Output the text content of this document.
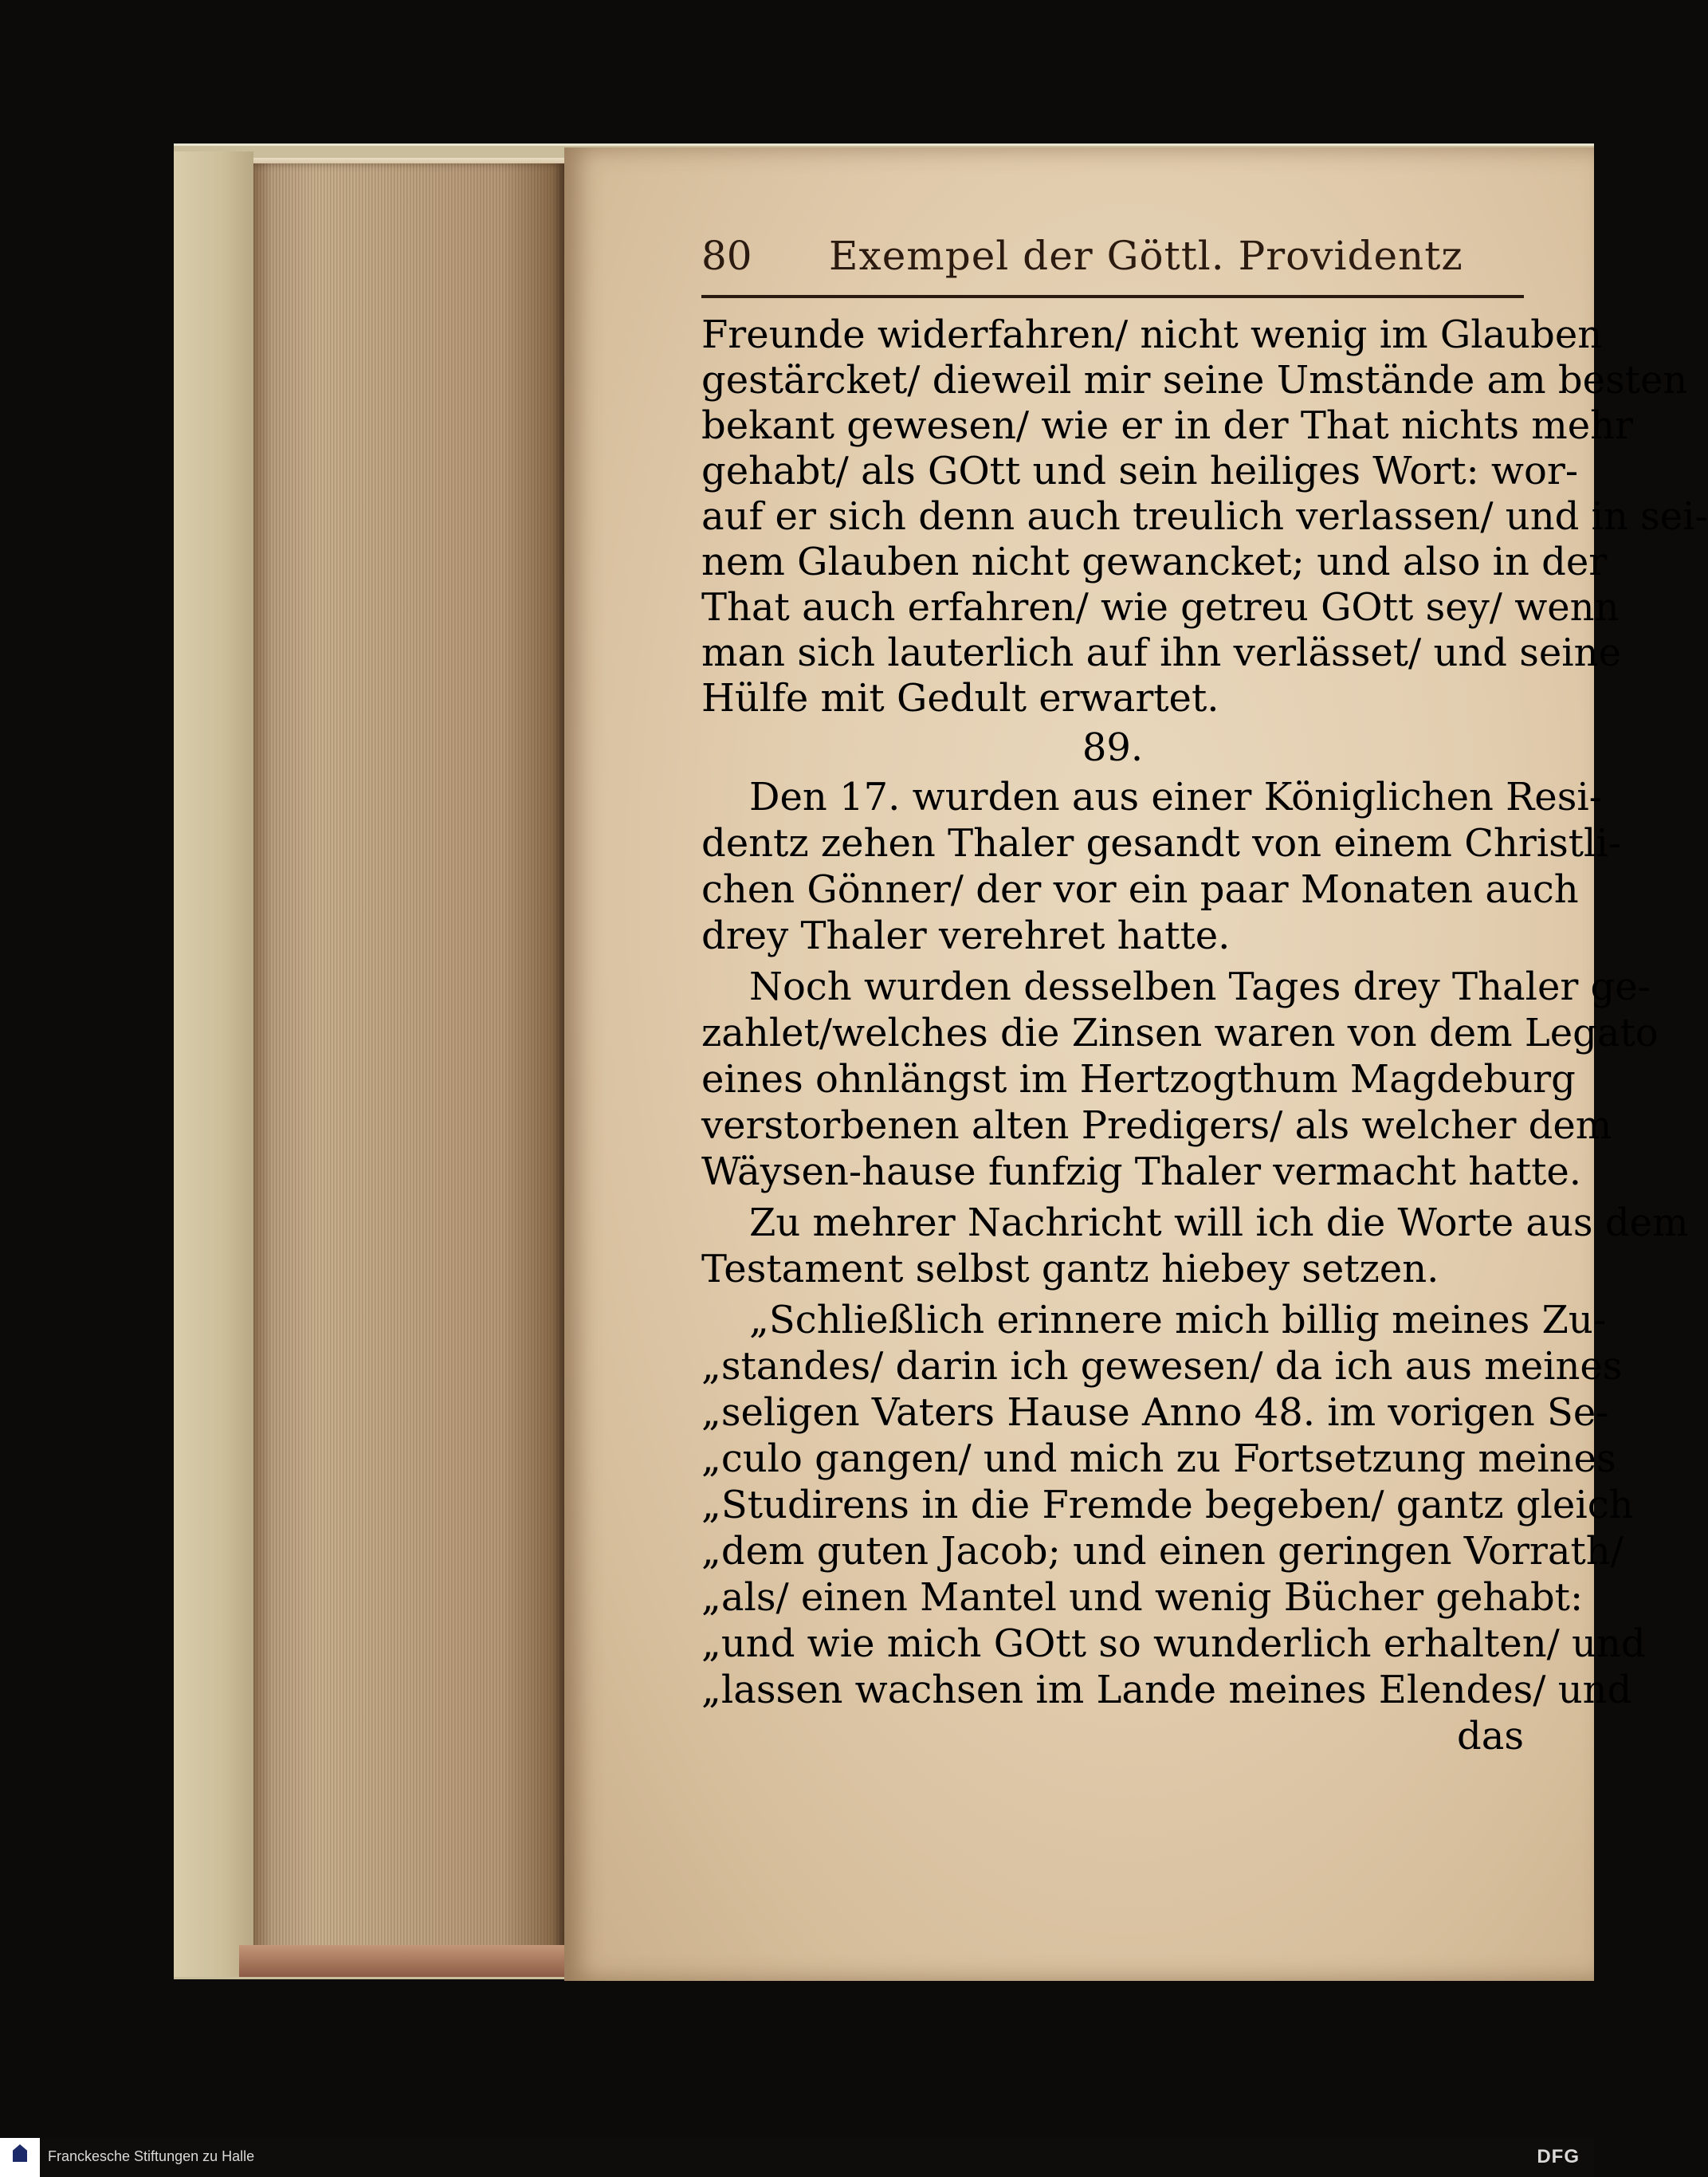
80 Exempel der Göttl. Providentz
Freunde widerfahren/ nicht wenig im Glauben
gestärcket/ dieweil mir seine Umstände am besten
bekant gewesen/ wie er in der That nichts mehr
gehabt/ als GOtt und sein heiliges Wort: wor-
auf er sich denn auch treulich verlassen/ und in sei-
nem Glauben nicht gewancket; und also in der
That auch erfahren/ wie getreu GOtt sey/ wenn
man sich lauterlich auf ihn verlässet/ und seine
Hülfe mit Gedult erwartet.
89.
Den 17. wurden aus einer Königlichen Resi-
dentz zehen Thaler gesandt von einem Christli-
chen Gönner/ der vor ein paar Monaten auch
drey Thaler verehret hatte.
Noch wurden desselben Tages drey Thaler ge-
zahlet/welches die Zinsen waren von dem Legato
eines ohnlängst im Hertzogthum Magdeburg
verstorbenen alten Predigers/ als welcher dem
Wäysen-hause funfzig Thaler vermacht hatte.
Zu mehrer Nachricht will ich die Worte aus dem
Testament selbst gantz hiebey setzen.
„Schließlich erinnere mich billig meines Zu-
„standes/ darin ich gewesen/ da ich aus meines
„seligen Vaters Hause Anno 48. im vorigen Se-
„culo gangen/ und mich zu Fortsetzung meines
„Studirens in die Fremde begeben/ gantz gleich
„dem guten Jacob; und einen geringen Vorrath/
„als/ einen Mantel und wenig Bücher gehabt:
„und wie mich GOtt so wunderlich erhalten/ und
„lassen wachsen im Lande meines Elendes/ und
das
Franckesche Stiftungen zu Halle	DFG
